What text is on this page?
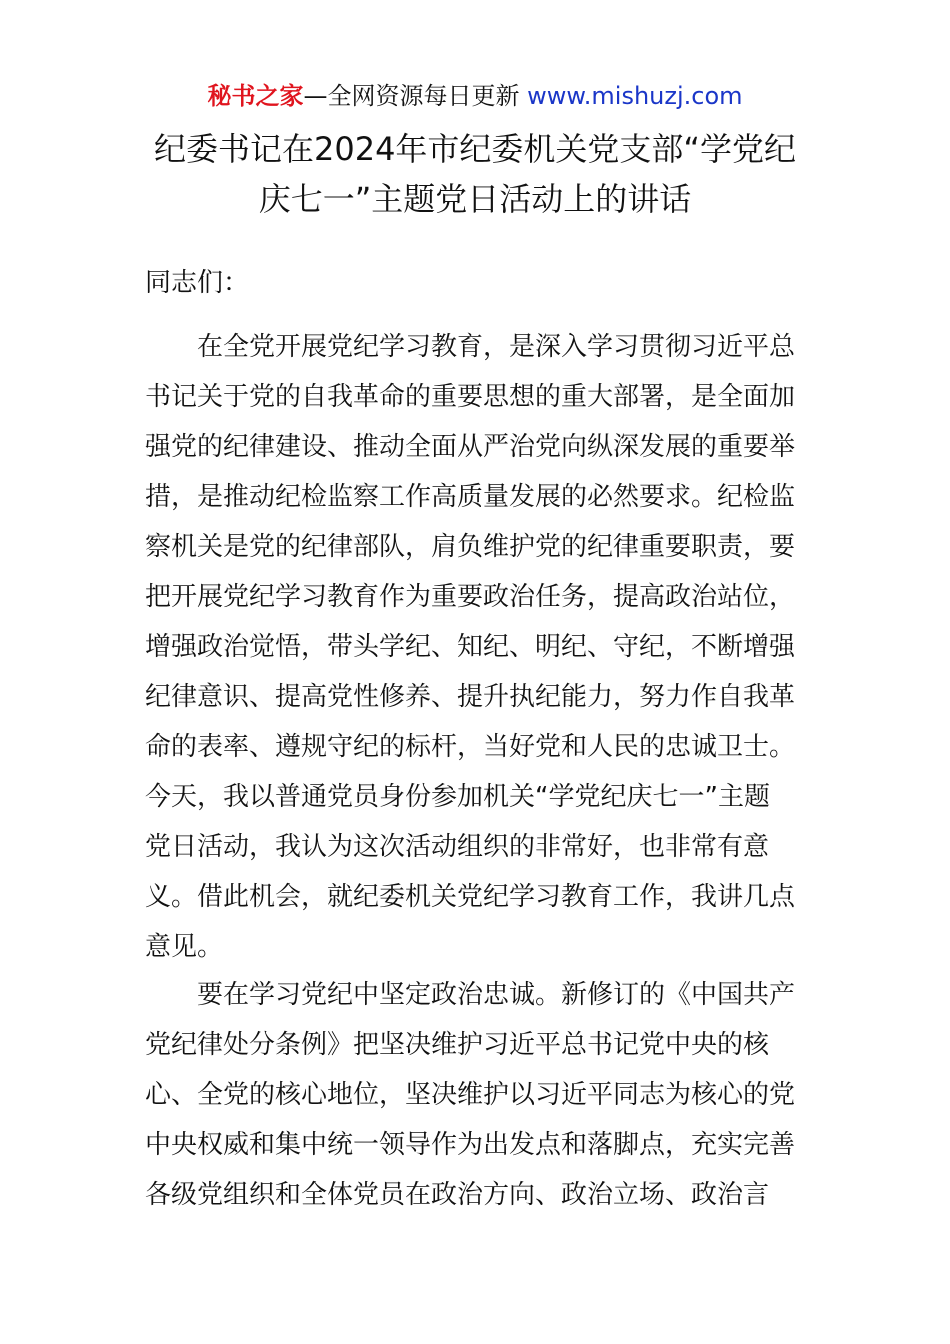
秘书之家—全网资源每日更新 www.mishuzj.com
纪委书记在2024年市纪委机关党支部“学党纪
庆七一”主题党日活动上的讲话
同志们：
在全党开展党纪学习教育，是深入学习贯彻习近平总
书记关于党的自我革命的重要思想的重大部署，是全面加
强党的纪律建设、推动全面从严治党向纵深发展的重要举
措，是推动纪检监察工作高质量发展的必然要求。纪检监
察机关是党的纪律部队，肩负维护党的纪律重要职责，要
把开展党纪学习教育作为重要政治任务，提高政治站位，
增强政治觉悟，带头学纪、知纪、明纪、守纪，不断增强
纪律意识、提高党性修养、提升执纪能力，努力作自我革
命的表率、遵规守纪的标杆，当好党和人民的忠诚卫士。
今天，我以普通党员身份参加机关“学党纪庆七一”主题
党日活动，我认为这次活动组织的非常好，也非常有意
义。借此机会，就纪委机关党纪学习教育工作，我讲几点
意见。
要在学习党纪中坚定政治忠诚。新修订的《中国共产
党纪律处分条例》把坚决维护习近平总书记党中央的核
心、全党的核心地位，坚决维护以习近平同志为核心的党
中央权威和集中统一领导作为出发点和落脚点，充实完善
各级党组织和全体党员在政治方向、政治立场、政治言
